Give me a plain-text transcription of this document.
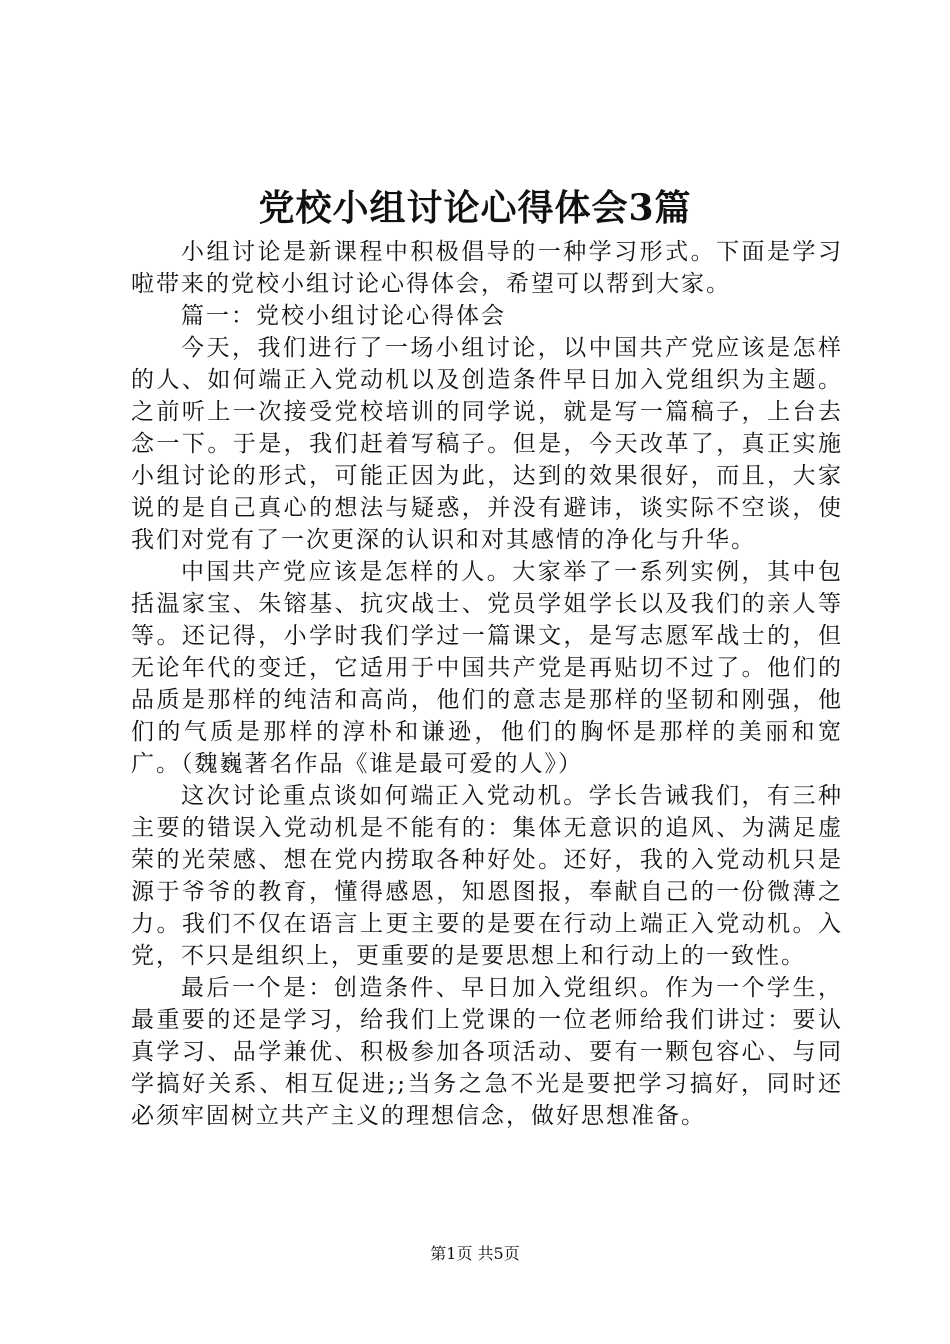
党校小组讨论心得体会3篇

小组讨论是新课程中积极倡导的一种学习形式。下面是学习啦带来的党校小组讨论心得体会，希望可以帮到大家。

篇一：党校小组讨论心得体会

今天，我们进行了一场小组讨论，以中国共产党应该是怎样的人、如何端正入党动机以及创造条件早日加入党组织为主题。之前听上一次接受党校培训的同学说，就是写一篇稿子，上台去念一下。于是，我们赶着写稿子。但是，今天改革了，真正实施小组讨论的形式，可能正因为此，达到的效果很好，而且，大家说的是自己真心的想法与疑惑，并没有避讳，谈实际不空谈，使我们对党有了一次更深的认识和对其感情的净化与升华。

中国共产党应该是怎样的人。大家举了一系列实例，其中包括温家宝、朱镕基、抗灾战士、党员学姐学长以及我们的亲人等等。还记得，小学时我们学过一篇课文，是写志愿军战士的，但无论年代的变迁，它适用于中国共产党是再贴切不过了。他们的品质是那样的纯洁和高尚，他们的意志是那样的坚韧和刚强，他们的气质是那样的淳朴和谦逊，他们的胸怀是那样的美丽和宽广。（魏巍著名作品《谁是最可爱的人》）

这次讨论重点谈如何端正入党动机。学长告诫我们，有三种主要的错误入党动机是不能有的：集体无意识的追风、为满足虚荣的光荣感、想在党内捞取各种好处。还好，我的入党动机只是源于爷爷的教育，懂得感恩，知恩图报，奉献自己的一份微薄之力。我们不仅在语言上更主要的是要在行动上端正入党动机。入党，不只是组织上，更重要的是要思想上和行动上的一致性。

最后一个是：创造条件、早日加入党组织。作为一个学生，最重要的还是学习，给我们上党课的一位老师给我们讲过：要认真学习、品学兼优、积极参加各项活动、要有一颗包容心、与同学搞好关系、相互促进;;当务之急不光是要把学习搞好，同时还必须牢固树立共产主义的理想信念，做好思想准备。

第1页 共5页
